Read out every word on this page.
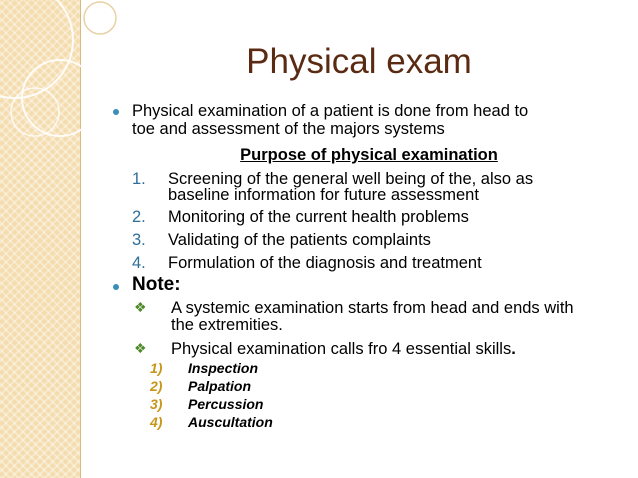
Physical exam
Physical examination of a patient is done from head to
toe and assessment of the majors systems
Purpose of physical examination
1. Screening of the general well being of the, also as
baseline information for future assessment
2. Monitoring of the current health problems
3. Validating of the patients complaints
4. Formulation of the diagnosis and treatment
Note:
❖ A systemic examination starts from head and ends with
the extremities.
❖ Physical examination calls fro 4 essential skills.
1) Inspection
2) Palpation
3) Percussion
4) Auscultation
